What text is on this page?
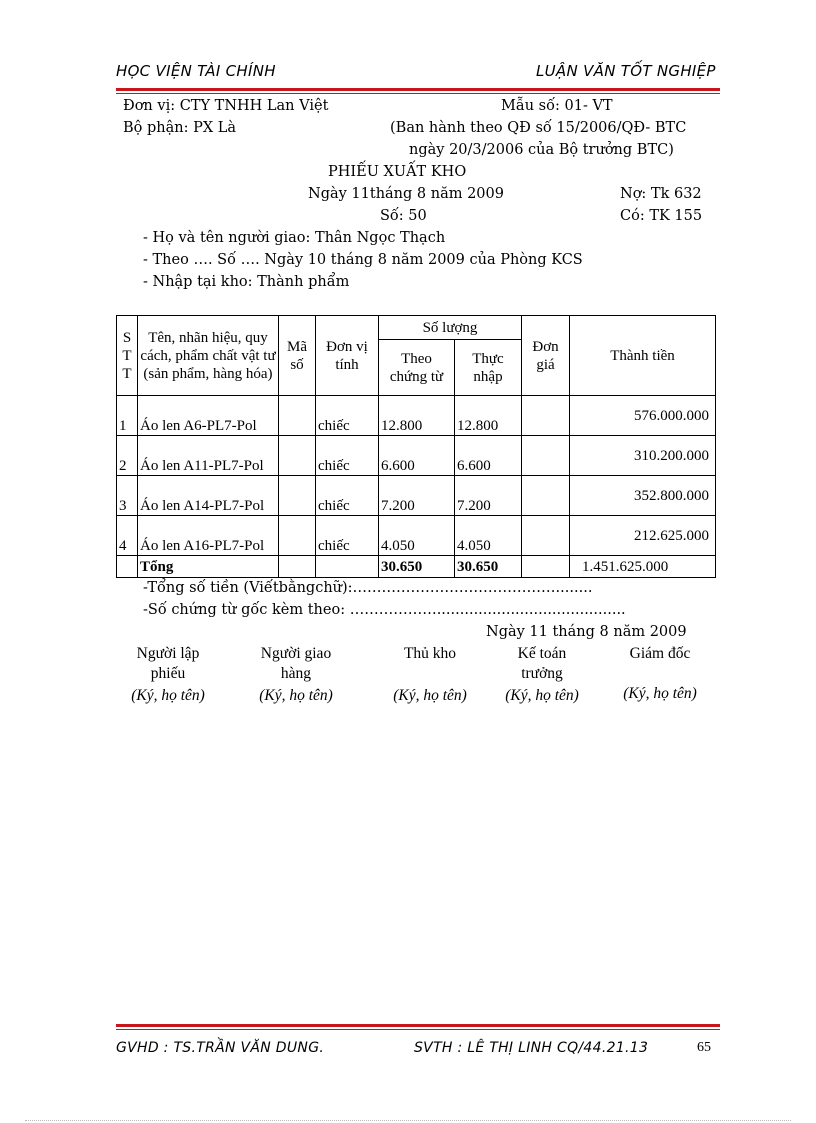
HỌC VIỆN TÀI CHÍNH	LUẬN VĂN TỐT NGHIỆP
Đơn vị: CTY TNHH Lan Việt	Mẫu số: 01- VT
Bộ phận: PX Là	(Ban hành theo QĐ số 15/2006/QĐ- BTC
ngày 20/3/2006 của Bộ trưởng BTC)
PHIẾU XUẤT KHO
Ngày 11tháng 8 năm 2009	Nợ: Tk 632
Số: 50	Có: TK 155
- Họ và tên người giao: Thân Ngọc Thạch
- Theo …. Số …. Ngày 10 tháng 8 năm 2009 của Phòng KCS
- Nhập tại kho: Thành phẩm
S T T	Tên, nhãn hiệu, quy cách, phẩm chất vật tư (sản phẩm, hàng hóa)	Mã số	Đơn vị tính	Số lượng		Đơn giá	Thành tiền
				Theo chứng từ	Thực nhập		
1	Áo len A6-PL7-Pol		chiếc	12.800	12.800		576.000.000
2	Áo len A11-PL7-Pol		chiếc	6.600	6.600		310.200.000
3	Áo len A14-PL7-Pol		chiếc	7.200	7.200		352.800.000
4	Áo len A16-PL7-Pol		chiếc	4.050	4.050		212.625.000
	Tổng			30.650	30.650		1.451.625.000
-Tổng số tiền (Viếtbằngchữ):……………………………………........
-Số chứng từ gốc kèm theo: ……………….........................................
Ngày 11 tháng 8 năm 2009
Người lập phiếu
(Ký, họ tên)
Người giao hàng
(Ký, họ tên)
Thủ kho
(Ký, họ tên)
Kế toán trưởng
(Ký, họ tên)
Giám đốc
(Ký, họ tên)
GVHD : TS.TRẦN VĂN DUNG.	SVTH : LÊ THỊ LINH CQ/44.21.13	65
